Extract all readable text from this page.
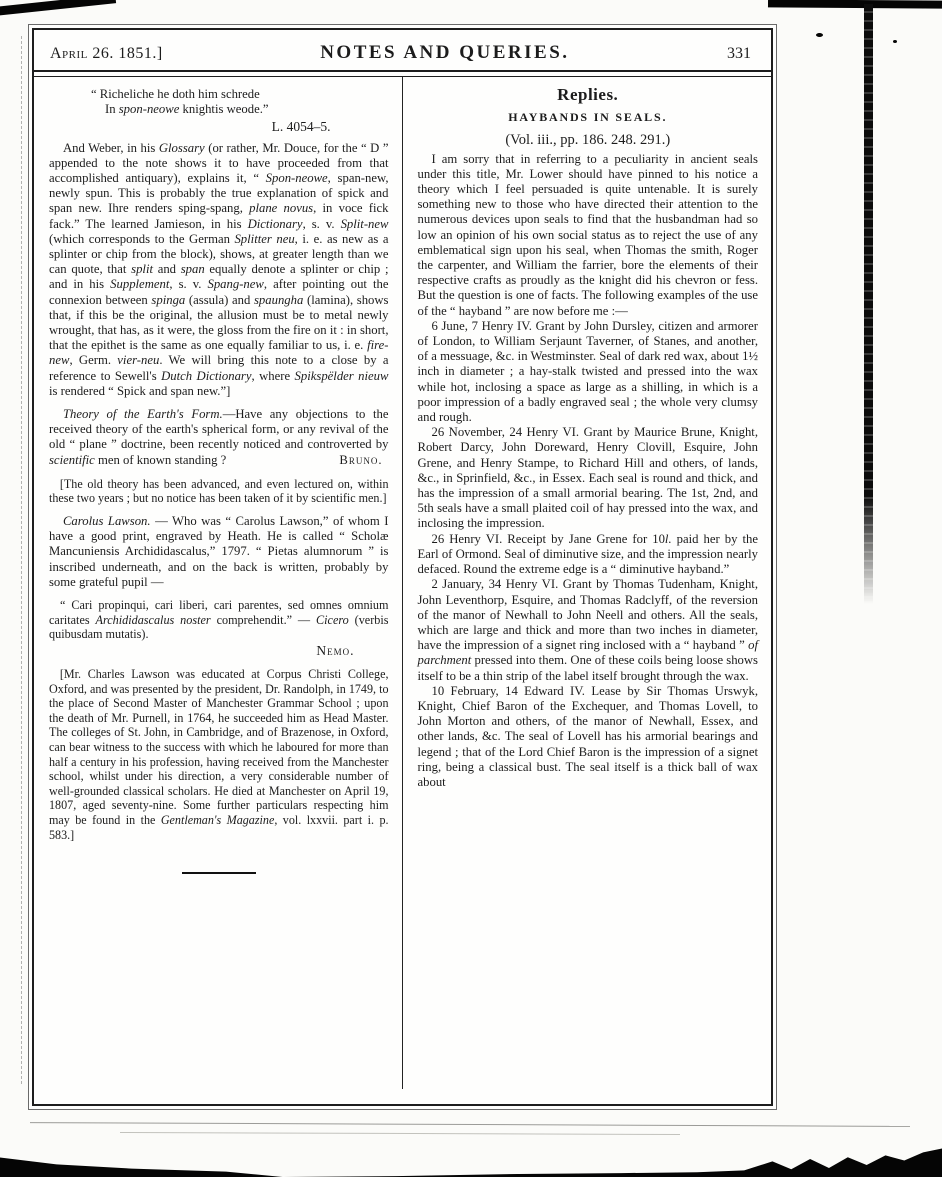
April 26. 1851.]	NOTES AND QUERIES.	331

“ Richeliche he doth him schrede

In spon-neowe knightis weode.”

L. 4054–5.

And Weber, in his Glossary (or rather, Mr. Douce, for the “ D ” appended to the note shows it to have proceeded from that accomplished antiquary), explains it, “ Spon-neowe, span-new, newly spun. This is probably the true explanation of spick and span new. Ihre renders sping-spang, plane novus, in voce fick fack.” The learned Jamieson, in his Dictionary, s. v. Split-new (which corresponds to the German Splitter neu, i. e. as new as a splinter or chip from the block), shows, at greater length than we can quote, that split and span equally denote a splinter or chip ; and in his Supplement, s. v. Spang-new, after pointing out the connexion between spinga (assula) and spaungha (lamina), shows that, if this be the original, the allusion must be to metal newly wrought, that has, as it were, the gloss from the fire on it : in short, that the epithet is the same as one equally familiar to us, i. e. fire-new, Germ. vier-neu. We will bring this note to a close by a reference to Sewell's Dutch Dictionary, where Spikspëlder nieuw is rendered “ Spick and span new.”]

Theory of the Earth's Form.—Have any objections to the received theory of the earth's spherical form, or any revival of the old “ plane ” doctrine, been recently noticed and controverted by scientific men of known standing ?	Bruno.

[The old theory has been advanced, and even lectured on, within these two years ; but no notice has been taken of it by scientific men.]

Carolus Lawson. — Who was “ Carolus Lawson,” of whom I have a good print, engraved by Heath. He is called “ Scholæ Mancuniensis Archididascalus,” 1797. “ Pietas alumnorum ” is inscribed underneath, and on the back is written, probably by some grateful pupil —

“ Cari propinqui, cari liberi, cari parentes, sed omnes omnium caritates Archididascalus noster comprehendit.” — Cicero (verbis quibusdam mutatis).

Nemo.

[Mr. Charles Lawson was educated at Corpus Christi College, Oxford, and was presented by the president, Dr. Randolph, in 1749, to the place of Second Master of Manchester Grammar School ; upon the death of Mr. Purnell, in 1764, he succeeded him as Head Master. The colleges of St. John, in Cambridge, and of Brazenose, in Oxford, can bear witness to the success with which he laboured for more than half a century in his profession, having received from the Manchester school, whilst under his direction, a very considerable number of well-grounded classical scholars. He died at Manchester on April 19, 1807, aged seventy-nine. Some further particulars respecting him may be found in the Gentleman's Magazine, vol. lxxvii. part i. p. 583.]

Replies.
HAYBANDS IN SEALS.

(Vol. iii., pp. 186. 248. 291.)

I am sorry that in referring to a peculiarity in ancient seals under this title, Mr. Lower should have pinned to his notice a theory which I feel persuaded is quite untenable. It is surely something new to those who have directed their attention to the numerous devices upon seals to find that the husbandman had so low an opinion of his own social status as to reject the use of any emblematical sign upon his seal, when Thomas the smith, Roger the carpenter, and William the farrier, bore the elements of their respective crafts as proudly as the knight did his chevron or fess. But the question is one of facts. The following examples of the use of the “ hayband ” are now before me :—

6 June, 7 Henry IV. Grant by John Dursley, citizen and armorer of London, to William Serjaunt Taverner, of Stanes, and another, of a messuage, &c. in Westminster. Seal of dark red wax, about 1½ inch in diameter ; a hay-stalk twisted and pressed into the wax while hot, inclosing a space as large as a shilling, in which is a poor impression of a badly engraved seal ; the whole very clumsy and rough.

26 November, 24 Henry VI. Grant by Maurice Brune, Knight, Robert Darcy, John Doreward, Henry Clovill, Esquire, John Grene, and Henry Stampe, to Richard Hill and others, of lands, &c., in Sprinfield, &c., in Essex. Each seal is round and thick, and has the impression of a small armorial bearing. The 1st, 2nd, and 5th seals have a small plaited coil of hay pressed into the wax, and inclosing the impression.

26 Henry VI. Receipt by Jane Grene for 10l. paid her by the Earl of Ormond. Seal of diminutive size, and the impression nearly defaced. Round the extreme edge is a “ diminutive hayband.”

2 January, 34 Henry VI. Grant by Thomas Tudenham, Knight, John Leventhorp, Esquire, and Thomas Radclyff, of the reversion of the manor of Newhall to John Neell and others. All the seals, which are large and thick and more than two inches in diameter, have the impression of a signet ring inclosed with a “ hayband ” of parchment pressed into them. One of these coils being loose shows itself to be a thin strip of the label itself brought through the wax.

10 February, 14 Edward IV. Lease by Sir Thomas Urswyk, Knight, Chief Baron of the Exchequer, and Thomas Lovell, to John Morton and others, of the manor of Newhall, Essex, and other lands, &c. The seal of Lovell has his armorial bearings and legend ; that of the Lord Chief Baron is the impression of a signet ring, being a classical bust. The seal itself is a thick ball of wax about
